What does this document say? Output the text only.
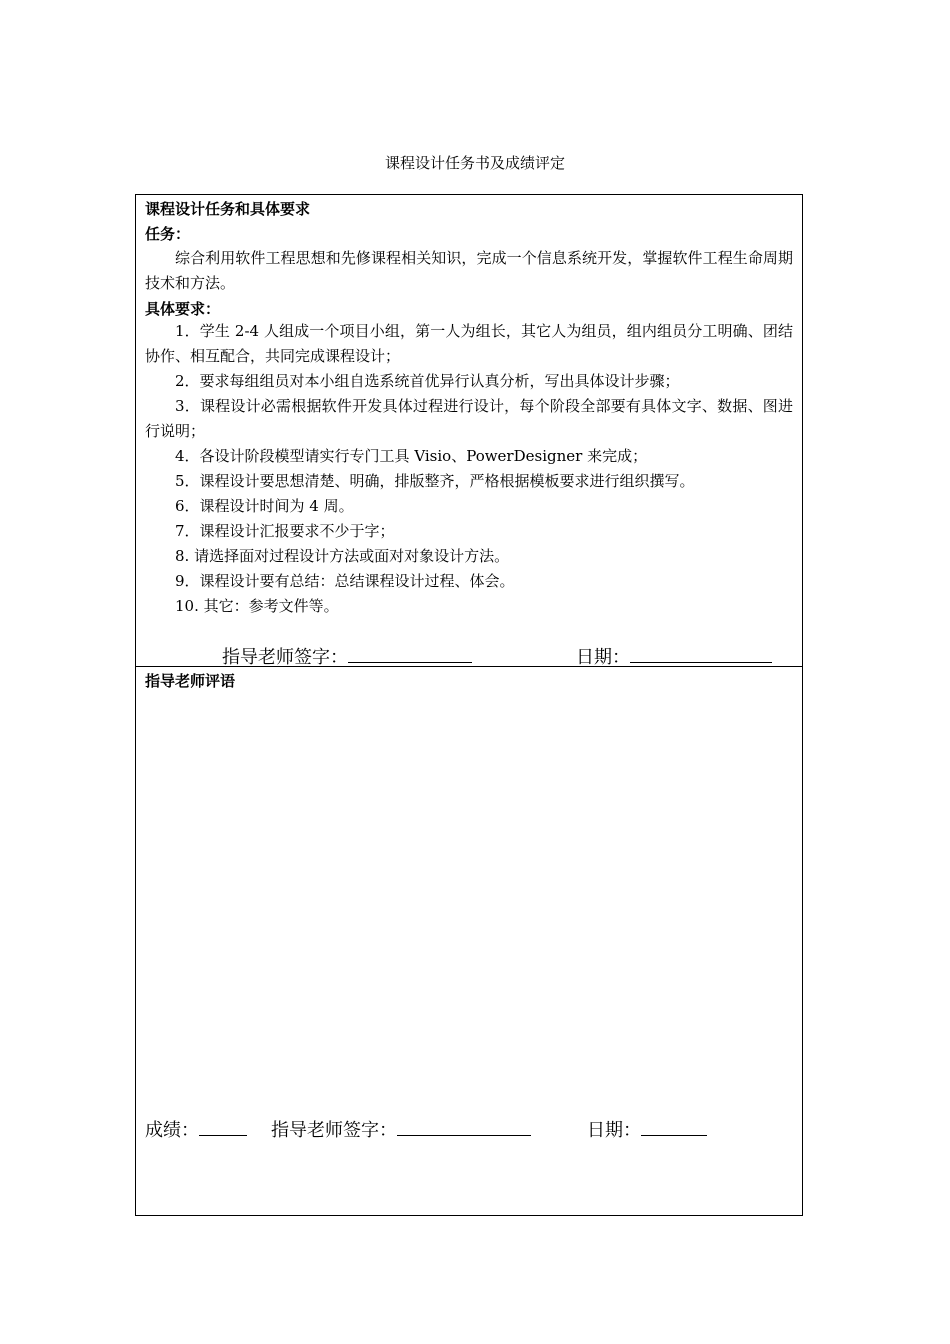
课程设计任务书及成绩评定
课程设计任务和具体要求
任务：
综合利用软件工程思想和先修课程相关知识，完成一个信息系统开发，掌握软件工程生命周期技术和方法。
具体要求：
1．学生 2-4 人组成一个项目小组，第一人为组长，其它人为组员，组内组员分工明确、团结协作、相互配合，共同完成课程设计；
2．要求每组组员对本小组自选系统首优异行认真分析，写出具体设计步骤；
3．课程设计必需根据软件开发具体过程进行设计，每个阶段全部要有具体文字、数据、图进行说明；
4．各设计阶段模型请实行专门工具 Visio、PowerDesigner 来完成；
5．课程设计要思想清楚、明确，排版整齐，严格根据模板要求进行组织撰写。
6．课程设计时间为 4 周。
7．课程设计汇报要求不少于字；
8. 请选择面对过程设计方法或面对对象设计方法。
9．课程设计要有总结：总结课程设计过程、体会。
10. 其它：参考文件等。
指导老师签字：	日期：
指导老师评语
成绩：	指导老师签字：	日期：
